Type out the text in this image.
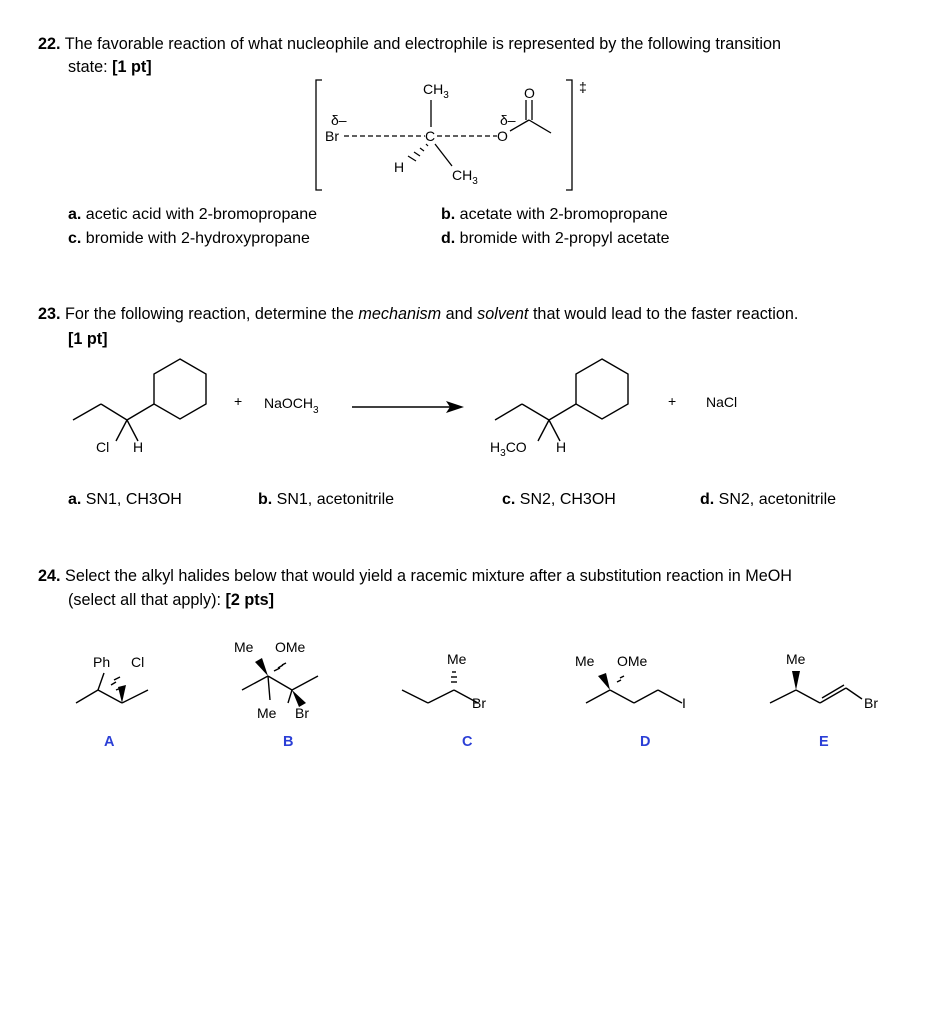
22. The favorable reaction of what nucleophile and electrophile is represented by the following transition
state: [1 pt]
δ–
Br	C
$CH_3$
O
O
δ–
H	$CH_3$
‡
a. acetic acid with 2-bromopropane	b. acetate with 2-bromopropane
c. bromide with 2-hydroxypropane	d. bromide with 2-propyl acetate
23. For the following reaction, determine the mechanism and solvent that would lead to the faster reaction.
[1 pt]
Cl H
+ NaOCH$_3$
$H_3CO$ H
+ NaCl
a. SN1, CH3OH	b. SN1, acetonitrile	c. SN2, CH3OH	d. SN2, acetonitrile
24. Select the alkyl halides below that would yield a racemic mixture after a substitution reaction in MeOH
(select all that apply): [2 pts]
Ph Cl
Me OMe
Me Br
Me
Br
Me OMe
I
Me
Br
A	B	C	D	E
